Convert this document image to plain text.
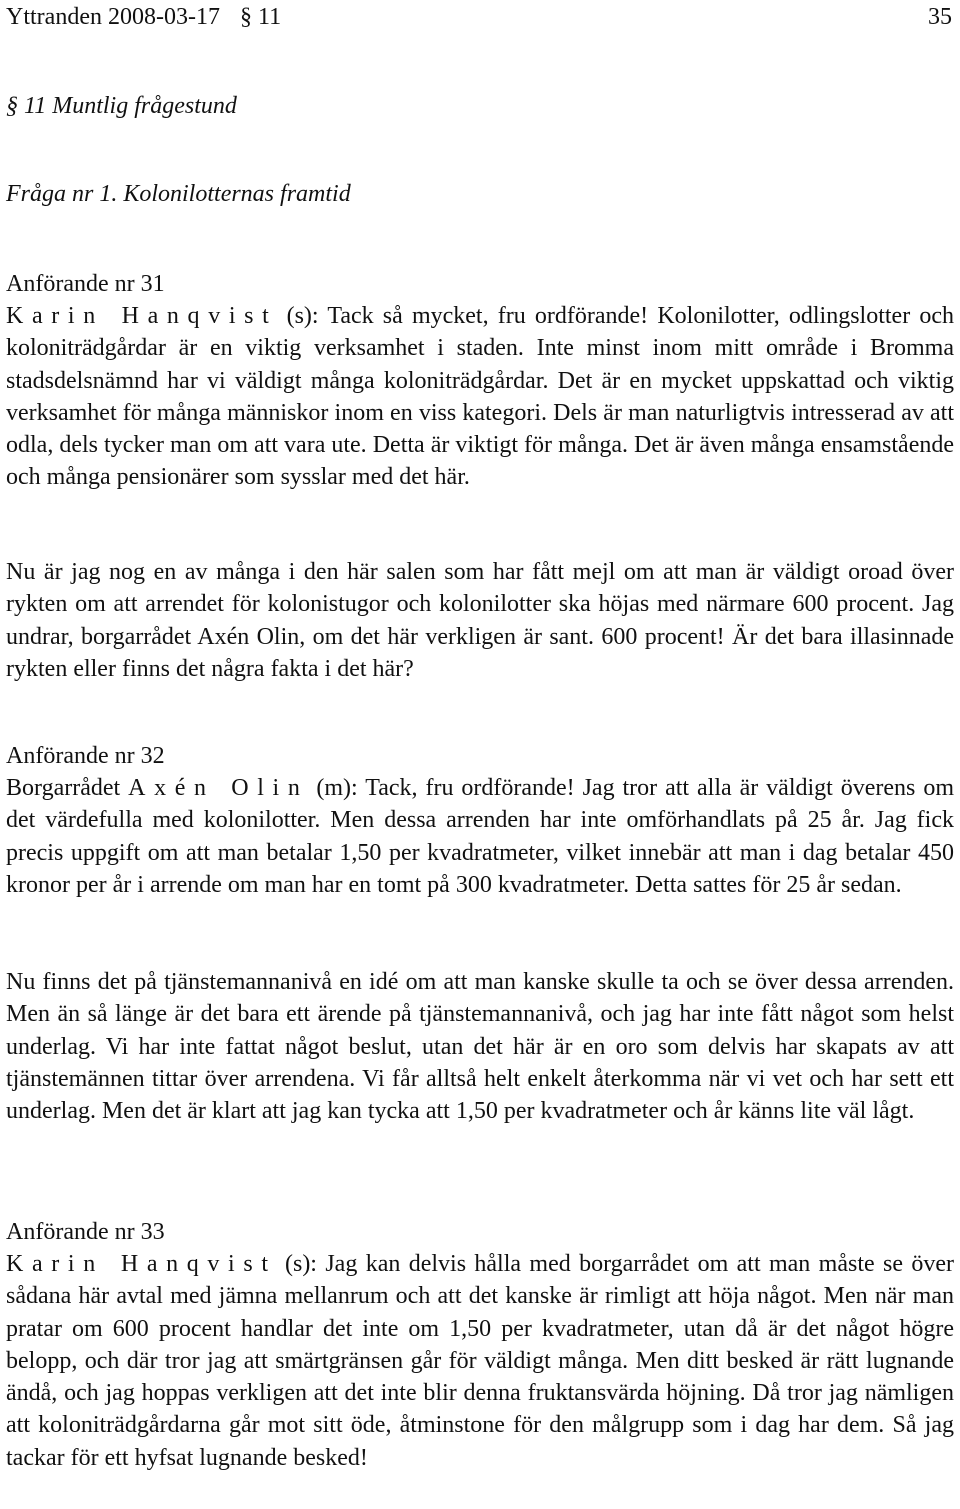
Yttranden 2008-03-17 § 11	35
§ 11 Muntlig frågestund
Fråga nr 1. Kolonilotternas framtid
Anförande nr 31

Karin Hanqvist (s): Tack så mycket, fru ordförande! Kolonilotter, odlingslotter och koloniträdgårdar är en viktig verksamhet i staden. Inte minst inom mitt område i Bromma stadsdelsnämnd har vi väldigt många koloniträdgårdar. Det är en mycket uppskattad och viktig verksamhet för många människor inom en viss kategori. Dels är man naturligtvis intresserad av att odla, dels tycker man om att vara ute. Detta är viktigt för många. Det är även många ensamstående och många pensionärer som sysslar med det här.

Nu är jag nog en av många i den här salen som har fått mejl om att man är väldigt oroad över rykten om att arrendet för kolonistugor och kolonilotter ska höjas med närmare 600 procent. Jag undrar, borgarrådet Axén Olin, om det här verkligen är sant. 600 procent! Är det bara illasinnade rykten eller finns det några fakta i det här?

Anförande nr 32

Borgarrådet Axén Olin (m): Tack, fru ordförande! Jag tror att alla är väldigt överens om det värdefulla med kolonilotter. Men dessa arrenden har inte omförhandlats på 25 år. Jag fick precis uppgift om att man betalar 1,50 per kvadratmeter, vilket innebär att man i dag betalar 450 kronor per år i arrende om man har en tomt på 300 kvadratmeter. Detta sattes för 25 år sedan.

Nu finns det på tjänstemannanivå en idé om att man kanske skulle ta och se över dessa arrenden. Men än så länge är det bara ett ärende på tjänstemannanivå, och jag har inte fått något som helst underlag. Vi har inte fattat något beslut, utan det här är en oro som delvis har skapats av att tjänstemännen tittar över arrendena. Vi får alltså helt enkelt återkomma när vi vet och har sett ett underlag. Men det är klart att jag kan tycka att 1,50 per kvadratmeter och år känns lite väl lågt.

Anförande nr 33

Karin Hanqvist (s): Jag kan delvis hålla med borgarrådet om att man måste se över sådana här avtal med jämna mellanrum och att det kanske är rimligt att höja något. Men när man pratar om 600 procent handlar det inte om 1,50 per kvadratmeter, utan då är det något högre belopp, och där tror jag att smärtgränsen går för väldigt många. Men ditt besked är rätt lugnande ändå, och jag hoppas verkligen att det inte blir denna fruktansvärda höjning. Då tror jag nämligen att koloniträdgårdarna går mot sitt öde, åtminstone för den målgrupp som i dag har dem. Så jag tackar för ett hyfsat lugnande besked!
